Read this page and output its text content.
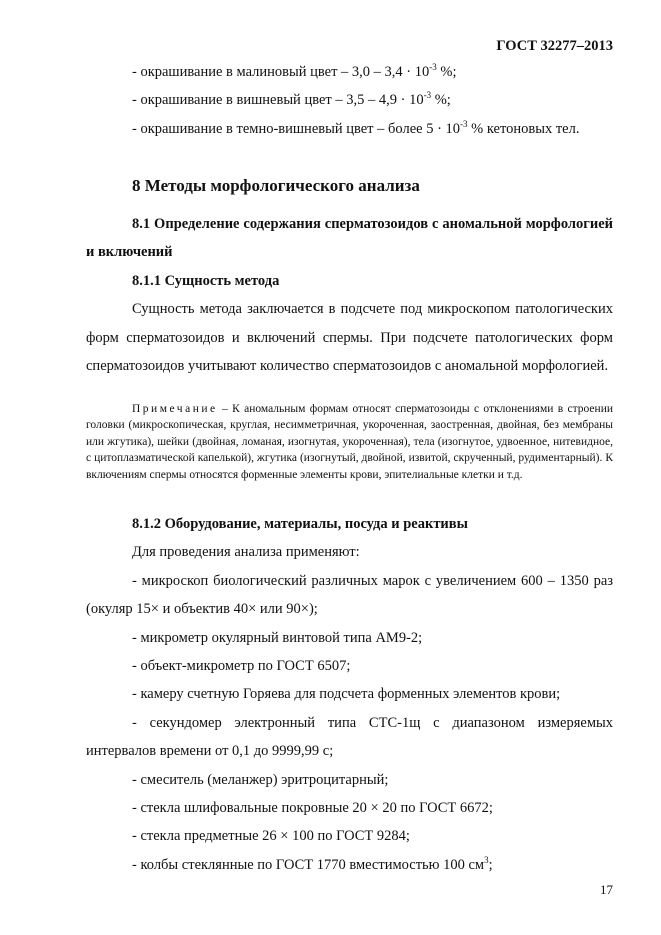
ГОСТ 32277–2013

- окрашивание в малиновый цвет – $3,0 - 3,4 \cdot 10^{-3}$ %;

- окрашивание в вишневый цвет – $3,5 - 4,9 \cdot 10^{-3}$ %;

- окрашивание в темно-вишневый цвет – более $5 \cdot 10^{-3}$ % кетоновых тел.

8 Методы морфологического анализа

8.1 Определение содержания сперматозоидов с аномальной морфологией и включений

8.1.1 Сущность метода

Сущность метода заключается в подсчете под микроскопом патологических форм сперматозоидов и включений спермы. При подсчете патологических форм сперматозоидов учитывают количество сперматозоидов с аномальной морфологией.

Примечание – К аномальным формам относят сперматозоиды с отклонениями в строении головки (микроскопическая, круглая, несимметричная, укороченная, заостренная, двойная, без мембраны или жгутика), шейки (двойная, ломаная, изогнутая, укороченная), тела (изогнутое, удвоенное, нитевидное, с цитоплазматической капелькой), жгутика (изогнутый, двойной, извитой, скрученный, рудиментарный). К включениям спермы относятся форменные элементы крови, эпителиальные клетки и т.д.

8.1.2 Оборудование, материалы, посуда и реактивы

Для проведения анализа применяют:

- микроскоп биологический различных марок с увеличением 600 – 1350 раз (окуляр 15× и объектив 40× или 90×);

- микрометр окулярный винтовой типа АМ9-2;

- объект-микрометр по ГОСТ 6507;

- камеру счетную Горяева для подсчета форменных элементов крови;

- секундомер электронный типа СТС-1щ с диапазоном измеряемых интервалов времени от 0,1 до 9999,99 с;

- смеситель (меланжер) эритроцитарный;

- стекла шлифовальные покровные 20 × 20 по ГОСТ 6672;

- стекла предметные 26 × 100 по ГОСТ 9284;

- колбы стеклянные по ГОСТ 1770 вместимостью 100 $см^3$;

17
